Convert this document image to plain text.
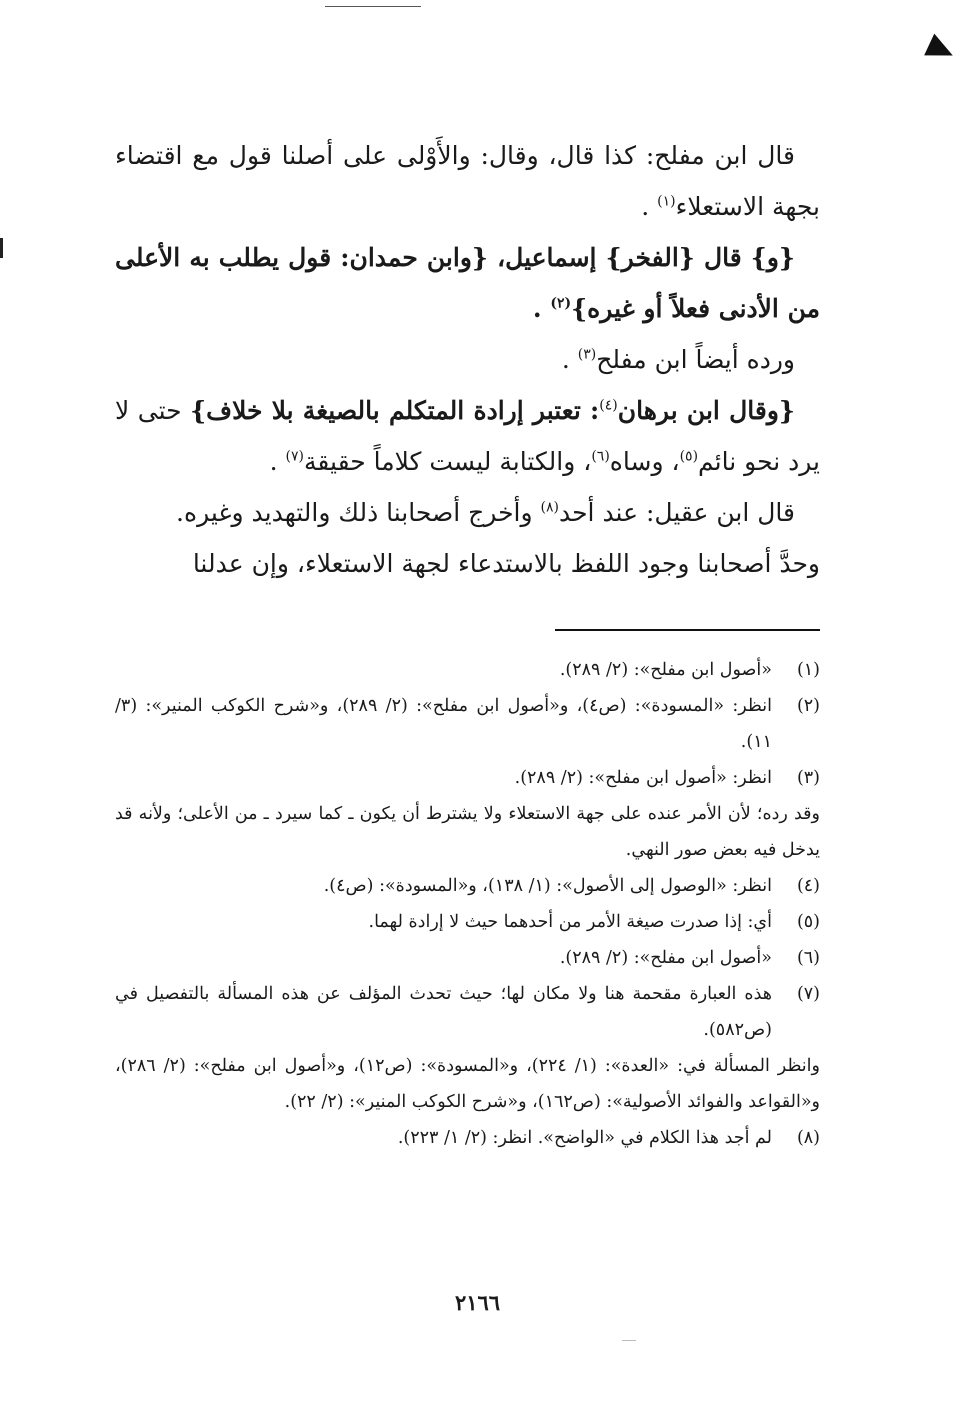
قال ابن مفلح: كذا قال، وقال: والأَوْلى على أصلنا قول مع اقتضاء بجهة الاستعلاء$^{(١)}$ .

{و} قال {الفخر} إسماعيل، {وابن حمدان: قول يطلب به الأعلى من الأدنى فعلاً أو غيره}$^{(٢)}$ .

ورده أيضاً ابن مفلح$^{(٣)}$ .

{وقال ابن برهان$^{(٤)}$: تعتبر إرادة المتكلم بالصيغة بلا خلاف} حتى لا يرد نحو نائم$^{(٥)}$، وساه$^{(٦)}$، والكتابة ليست كلاماً حقيقة$^{(٧)}$ .

قال ابن عقيل: عند أحد$^{(٨)}$ وأخرج أصحابنا ذلك والتهديد وغيره.

وحدَّ أصحابنا وجود اللفظ بالاستدعاء لجهة الاستعلاء، وإن عدلنا

(١)
«أصول ابن مفلح»: (٢/ ٢٨٩).
(٢)
انظر: «المسودة»: (ص٤)، و«أصول ابن مفلح»: (٢/ ٢٨٩)، و«شرح الكوكب المنير»: (٣/ ١١).
(٣)
انظر: «أصول ابن مفلح»: (٢/ ٢٨٩).
وقد رده؛ لأن الأمر عنده على جهة الاستعلاء ولا يشترط أن يكون ـ كما سيرد ـ من الأعلى؛ ولأنه قد يدخل فيه بعض صور النهي.
(٤)
انظر: «الوصول إلى الأصول»: (١/ ١٣٨)، و«المسودة»: (ص٤).
(٥)
أي: إذا صدرت صيغة الأمر من أحدهما حيث لا إرادة لهما.
(٦)
«أصول ابن مفلح»: (٢/ ٢٨٩).
(٧)
هذه العبارة مقحمة هنا ولا مكان لها؛ حيث تحدث المؤلف عن هذه المسألة بالتفصيل في (ص٥٨٢).
وانظر المسألة في: «العدة»: (١/ ٢٢٤)، و«المسودة»: (ص١٢)، و«أصول ابن مفلح»: (٢/ ٢٨٦)، و«القواعد والفوائد الأصولية»: (ص١٦٢)، و«شرح الكوكب المنير»: (٢/ ٢٢).
(٨)
لم أجد هذا الكلام في «الواضح». انظر: (٢/ ١/ ٢٢٣).
٢١٦٦
